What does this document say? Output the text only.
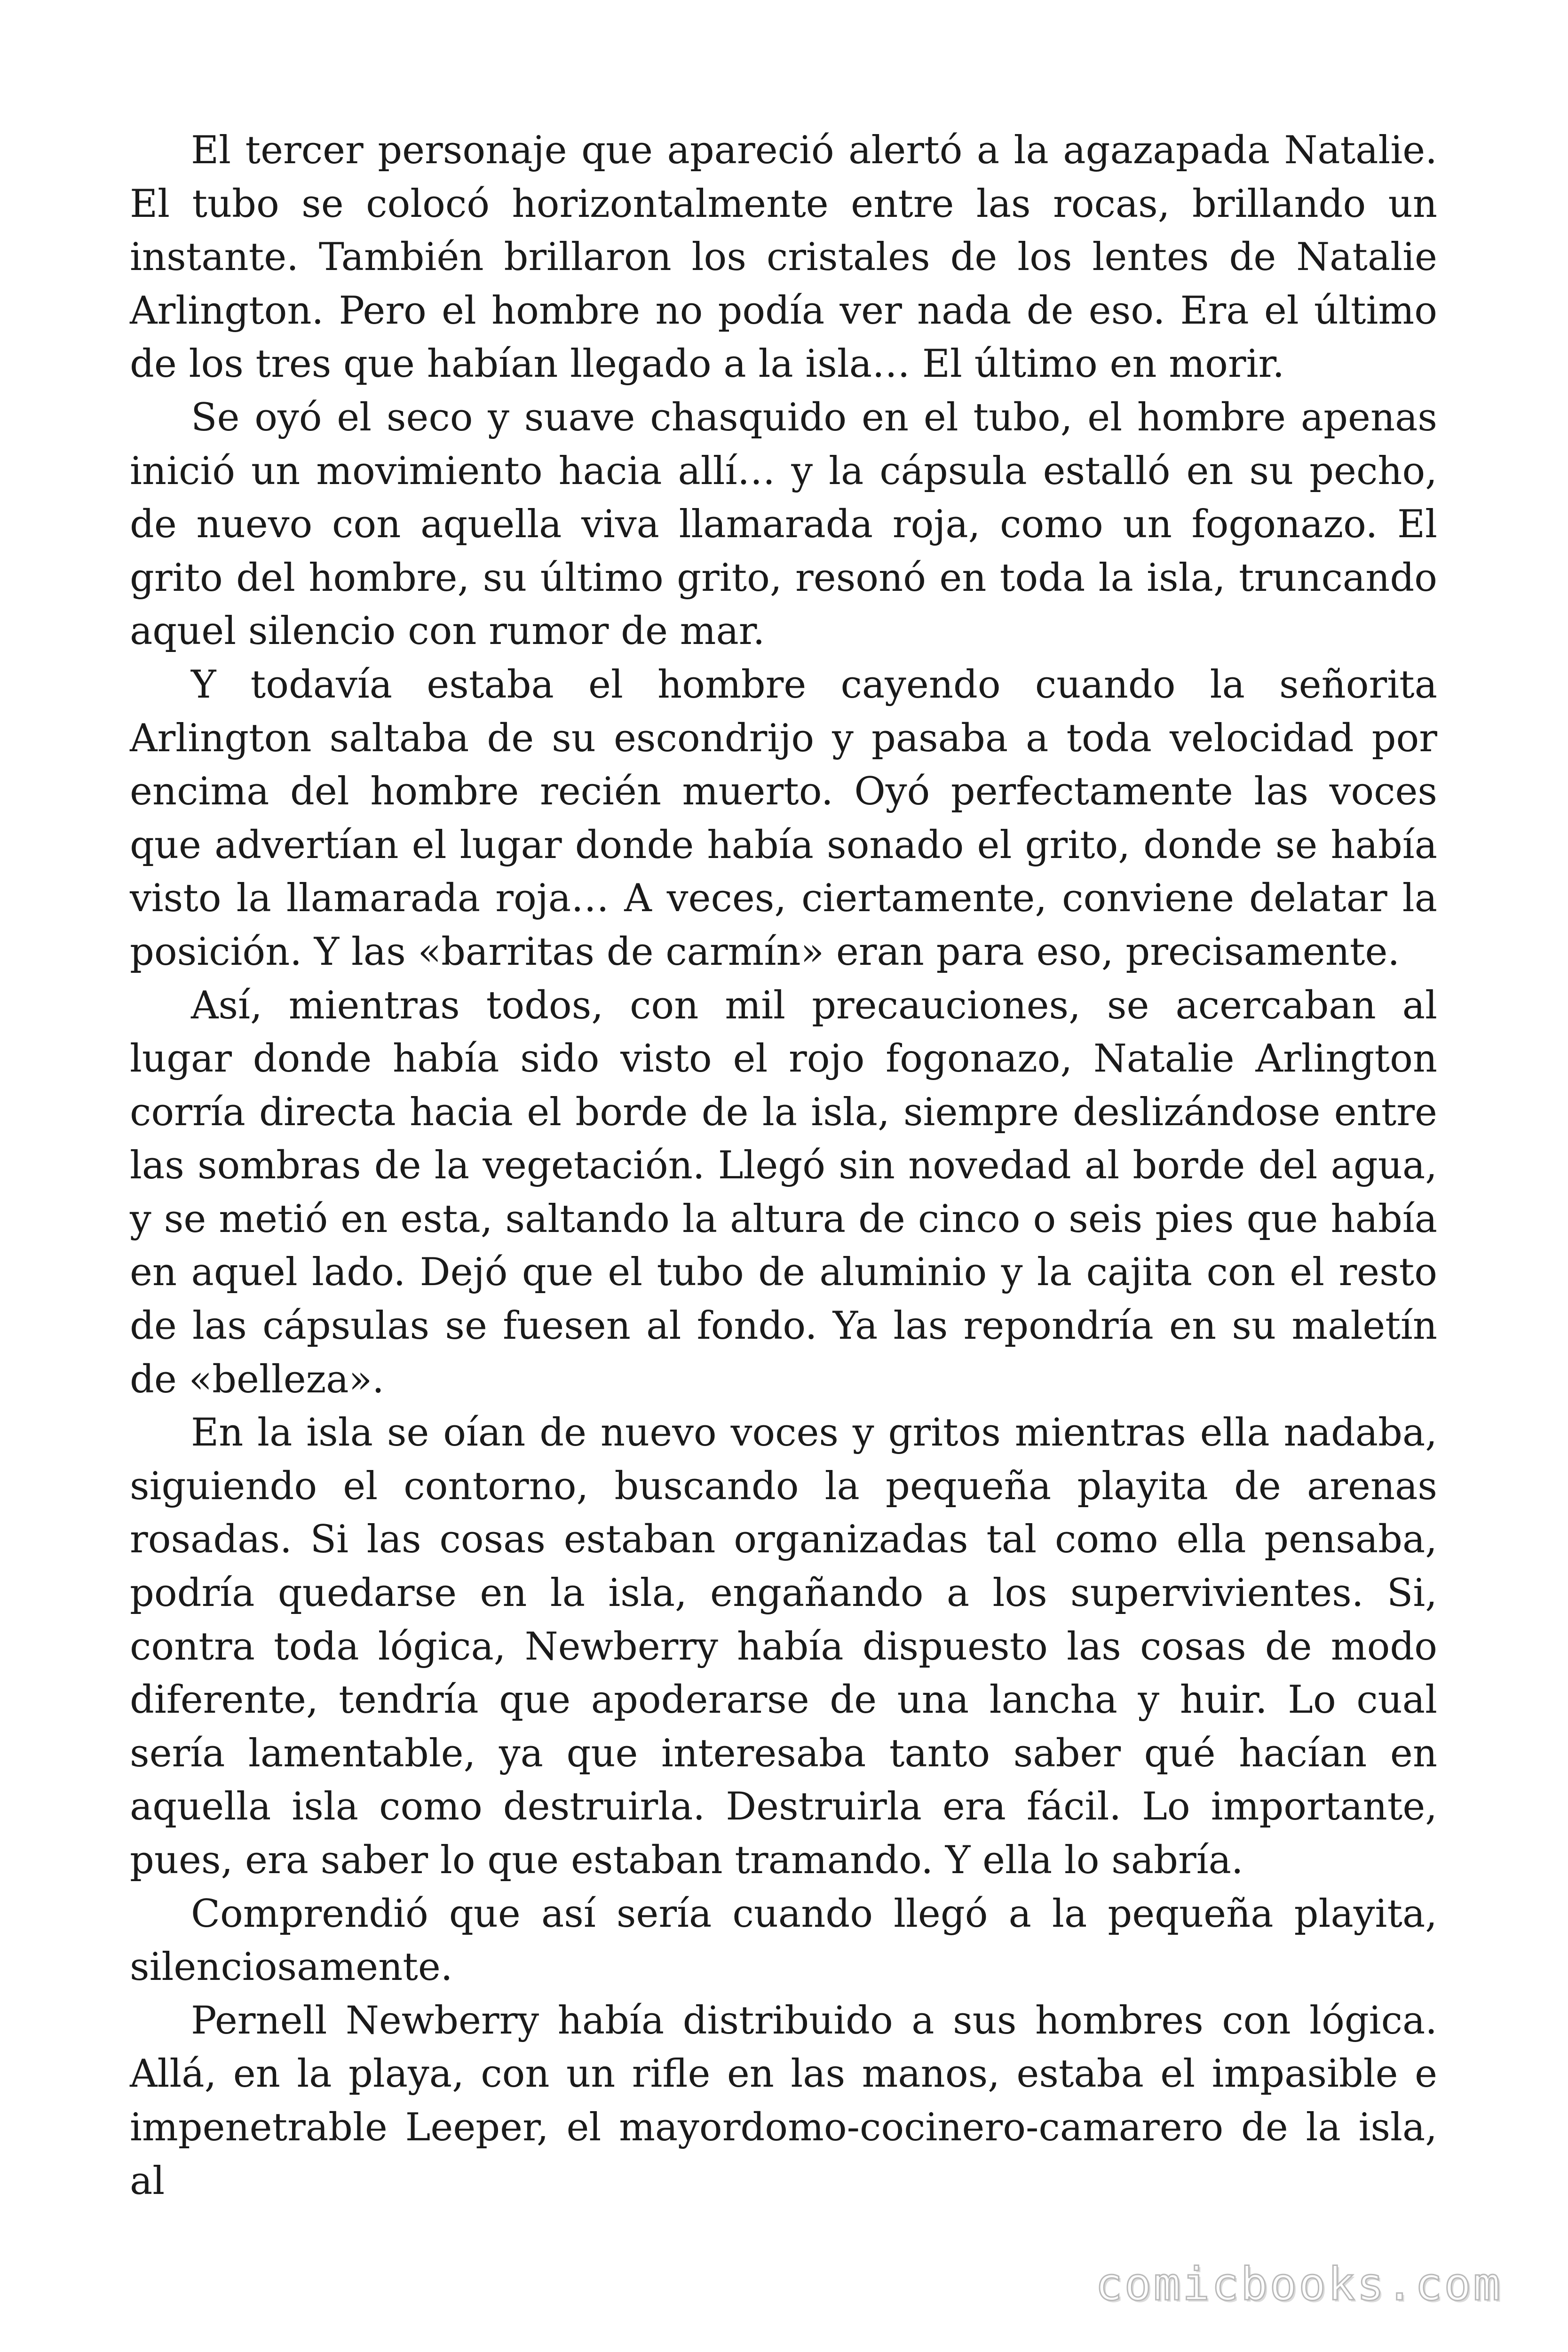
El tercer personaje que apareció alertó a la agazapada Natalie. El tubo se colocó horizontalmente entre las rocas, brillando un instante. También brillaron los cristales de los lentes de Natalie Arlington. Pero el hombre no podía ver nada de eso. Era el último de los tres que habían llegado a la isla… El último en morir.

Se oyó el seco y suave chasquido en el tubo, el hombre apenas inició un movimiento hacia allí… y la cápsula estalló en su pecho, de nuevo con aquella viva llamarada roja, como un fogonazo. El grito del hombre, su último grito, resonó en toda la isla, truncando aquel silencio con rumor de mar.

Y todavía estaba el hombre cayendo cuando la señorita Arlington saltaba de su escondrijo y pasaba a toda velocidad por encima del hombre recién muerto. Oyó perfectamente las voces que advertían el lugar donde había sonado el grito, donde se había visto la llamarada roja… A veces, ciertamente, conviene delatar la posición. Y las «barritas de carmín» eran para eso, precisamente.

Así, mientras todos, con mil precauciones, se acercaban al lugar donde había sido visto el rojo fogonazo, Natalie Arlington corría directa hacia el borde de la isla, siempre deslizándose entre las sombras de la vegetación. Llegó sin novedad al borde del agua, y se metió en esta, saltando la altura de cinco o seis pies que había en aquel lado. Dejó que el tubo de aluminio y la cajita con el resto de las cápsulas se fuesen al fondo. Ya las repondría en su maletín de «belleza».

En la isla se oían de nuevo voces y gritos mientras ella nadaba, siguiendo el contorno, buscando la pequeña playita de arenas rosadas. Si las cosas estaban organizadas tal como ella pensaba, podría quedarse en la isla, engañando a los supervivientes. Si, contra toda lógica, Newberry había dispuesto las cosas de modo diferente, tendría que apoderarse de una lancha y huir. Lo cual sería lamentable, ya que interesaba tanto saber qué hacían en aquella isla como destruirla. Destruirla era fácil. Lo importante, pues, era saber lo que estaban tramando. Y ella lo sabría.

Comprendió que así sería cuando llegó a la pequeña playita, silenciosamente.

Pernell Newberry había distribuido a sus hombres con lógica. Allá, en la playa, con un rifle en las manos, estaba el impasible e impenetrable Leeper, el mayordomo-cocinero-camarero de la isla, al

comicbooks.com
